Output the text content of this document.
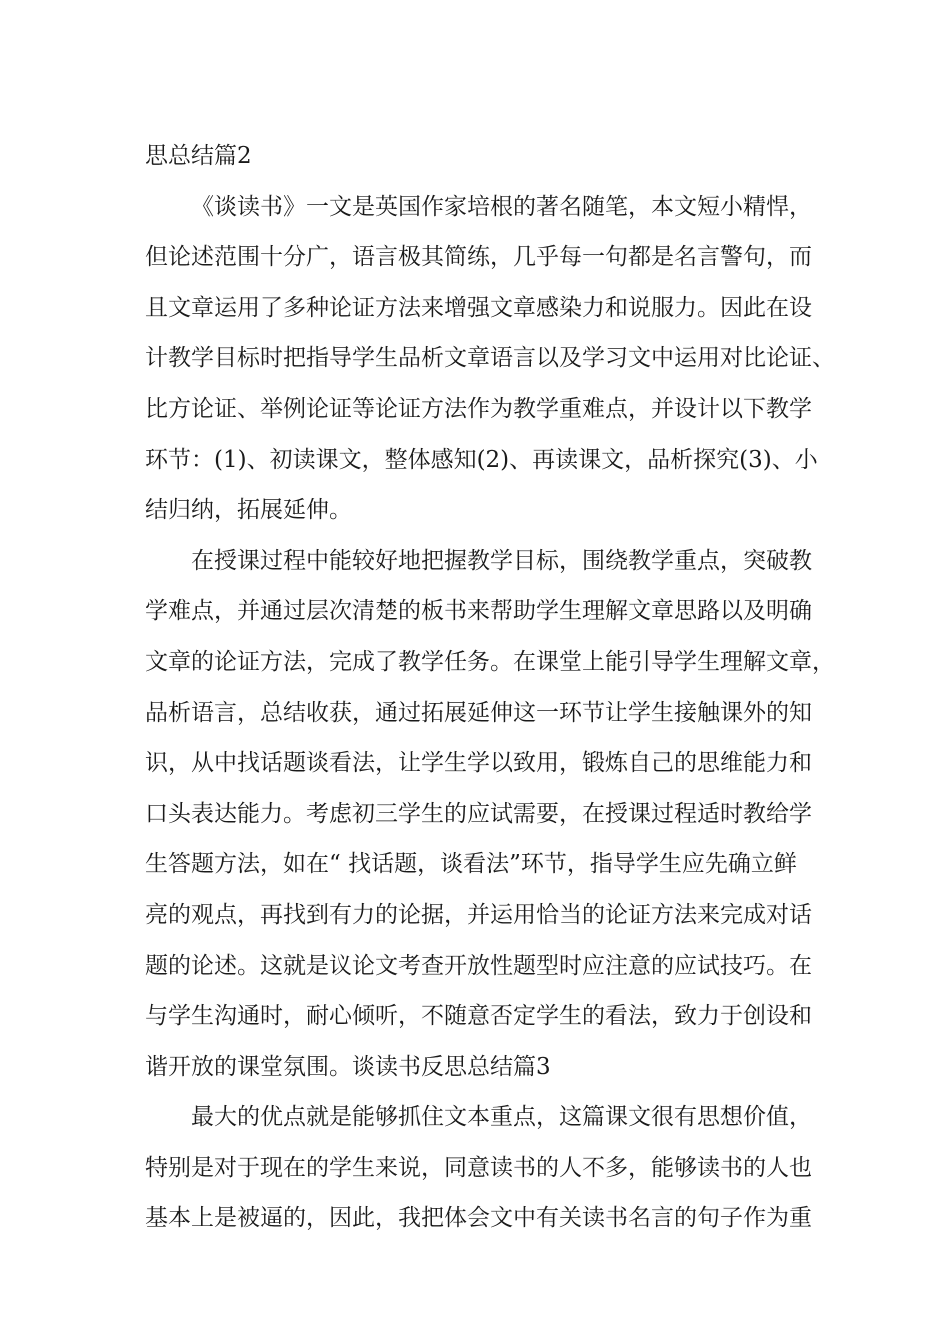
思总结篇2
《谈读书》一文是英国作家培根的著名随笔，本文短小精悍，
但论述范围十分广，语言极其简练，几乎每一句都是名言警句，而
且文章运用了多种论证方法来增强文章感染力和说服力。因此在设
计教学目标时把指导学生品析文章语言以及学习文中运用对比论证、
比方论证、举例论证等论证方法作为教学重难点，并设计以下教学
环节：(1)、初读课文，整体感知(2)、再读课文，品析探究(3)、小
结归纳，拓展延伸。
在授课过程中能较好地把握教学目标，围绕教学重点，突破教
学难点，并通过层次清楚的板书来帮助学生理解文章思路以及明确
文章的论证方法，完成了教学任务。在课堂上能引导学生理解文章，
品析语言，总结收获，通过拓展延伸这一环节让学生接触课外的知
识，从中找话题谈看法，让学生学以致用，锻炼自己的思维能力和
口头表达能力。考虑初三学生的应试需要，在授课过程适时教给学
生答题方法，如在“ 找话题，谈看法”环节，指导学生应先确立鲜
亮的观点，再找到有力的论据，并运用恰当的论证方法来完成对话
题的论述。这就是议论文考查开放性题型时应注意的应试技巧。在
与学生沟通时，耐心倾听，不随意否定学生的看法，致力于创设和
谐开放的课堂氛围。谈读书反思总结篇3
最大的优点就是能够抓住文本重点，这篇课文很有思想价值，
特别是对于现在的学生来说，同意读书的人不多，能够读书的人也
基本上是被逼的，因此，我把体会文中有关读书名言的句子作为重
